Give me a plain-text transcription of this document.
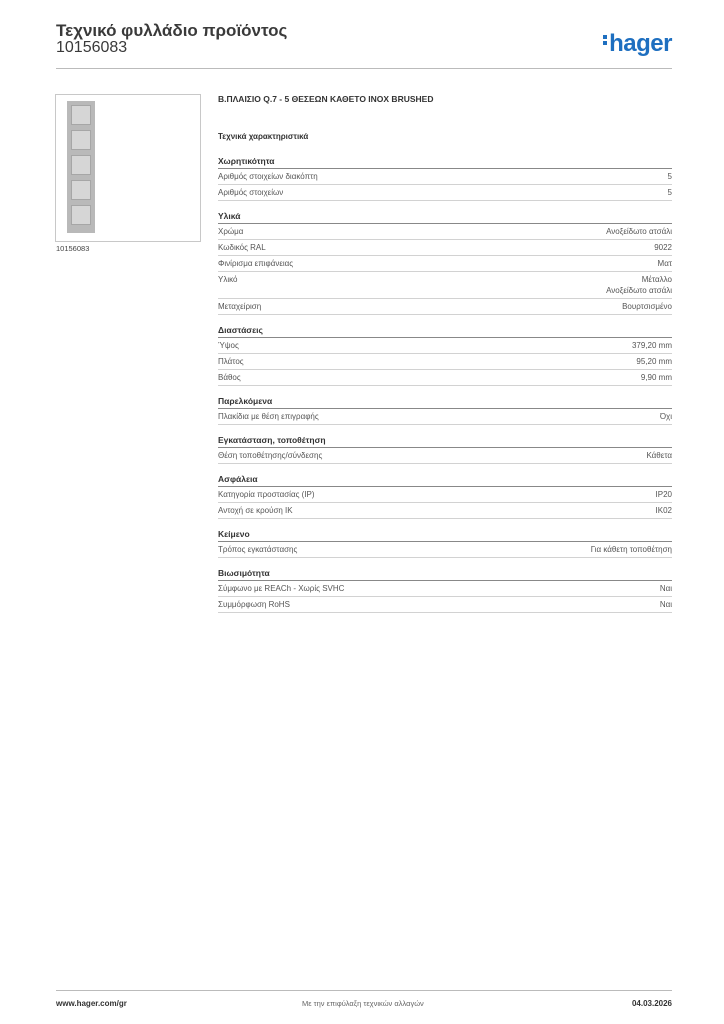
Τεχνικό φυλλάδιο προϊόντος
10156083	hager
10156083
Β.ΠΛΑΙΣΙΟ Q.7 - 5 ΘΕΣΕΩΝ ΚΑΘΕΤΟ INOX BRUSHED
Τεχνικά χαρακτηριστικά
Χωρητικότητα
Αριθμός στοιχείων διακόπτη	5
Αριθμός στοιχείων	5
Υλικά
Χρώμα	Ανοξείδωτο ατσάλι
Κωδικός RAL	9022
Φινίρισμα επιφάνειας	Ματ
Υλικό	Μέταλλο
Ανοξείδωτο ατσάλι
Μεταχείριση	Βουρτσισμένο
Διαστάσεις
Ύψος	379,20 mm
Πλάτος	95,20 mm
Βάθος	9,90 mm
Παρελκόμενα
Πλακίδια με θέση επιγραφής	Όχι
Εγκατάσταση, τοποθέτηση
Θέση τοποθέτησης/σύνδεσης	Κάθετα
Ασφάλεια
Κατηγορία προστασίας (IP)	IP20
Αντοχή σε κρούση IK	IK02
Κείμενο
Τρόπος εγκατάστασης	Για κάθετη τοποθέτηση
Βιωσιμότητα
Σύμφωνο με REACh - Χωρίς SVHC	Ναι
Συμμόρφωση RoHS	Ναι
www.hager.com/gr	Με την επιφύλαξη τεχνικών αλλαγών	04.03.2026
